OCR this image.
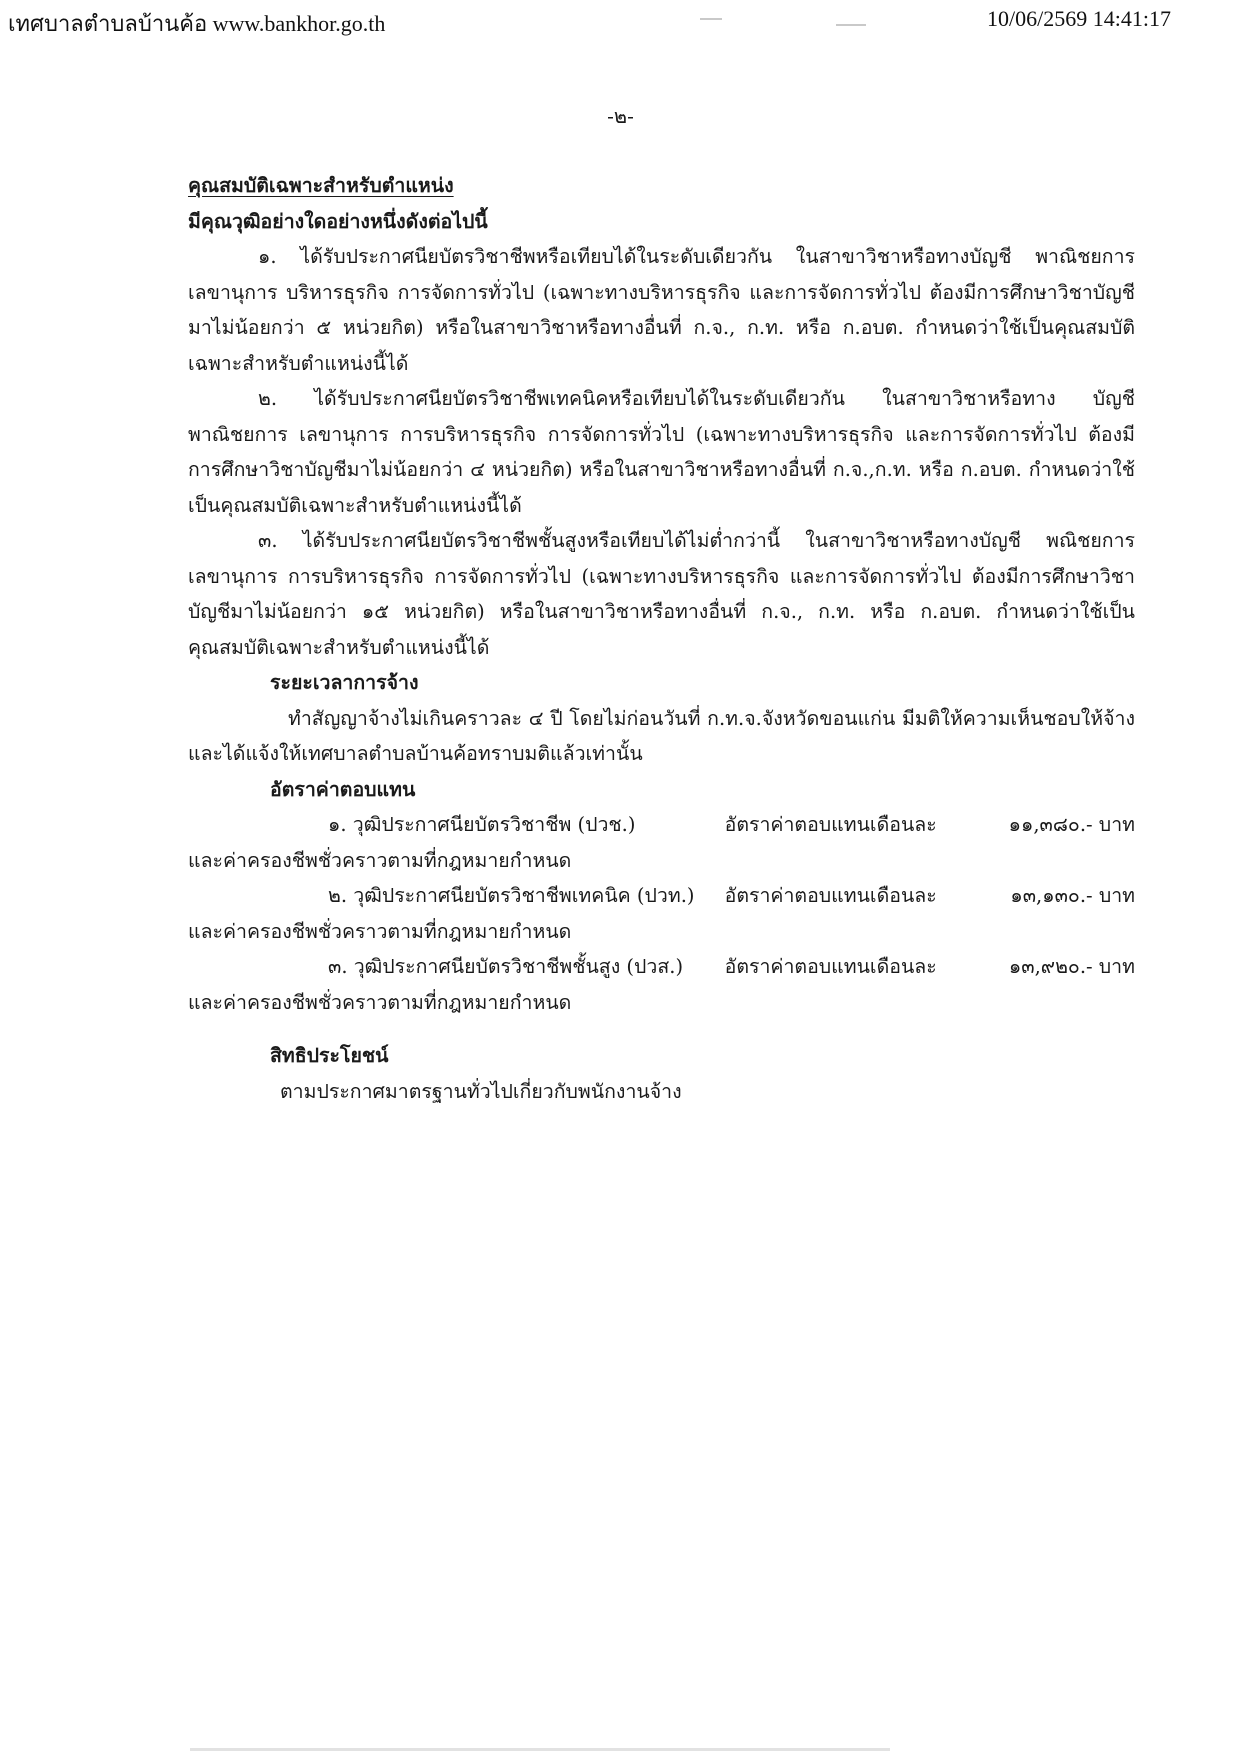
เทศบาลตำบลบ้านค้อ www.bankhor.go.th	10/06/2569 14:41:17
-๒-
คุณสมบัติเฉพาะสำหรับตำแหน่ง
มีคุณวุฒิอย่างใดอย่างหนึ่งดังต่อไปนี้

๑. ได้รับประกาศนียบัตรวิชาชีพหรือเทียบได้ในระดับเดียวกัน ในสาขาวิชาหรือทางบัญชี พาณิชยการ เลขานุการ บริหารธุรกิจ การจัดการทั่วไป (เฉพาะทางบริหารธุรกิจ และการจัดการทั่วไป ต้องมีการศึกษาวิชาบัญชีมาไม่น้อยกว่า ๕ หน่วยกิต) หรือในสาขาวิชาหรือทางอื่นที่ ก.จ., ก.ท. หรือ ก.อบต. กำหนดว่าใช้เป็นคุณสมบัติเฉพาะสำหรับตำแหน่งนี้ได้

๒. ได้รับประกาศนียบัตรวิชาชีพเทคนิคหรือเทียบได้ในระดับเดียวกัน ในสาขาวิชาหรือทาง บัญชี พาณิชยการ เลขานุการ การบริหารธุรกิจ การจัดการทั่วไป (เฉพาะทางบริหารธุรกิจ และการจัดการทั่วไป ต้องมีการศึกษาวิชาบัญชีมาไม่น้อยกว่า ๔ หน่วยกิต) หรือในสาขาวิชาหรือทางอื่นที่ ก.จ.,ก.ท. หรือ ก.อบต. กำหนดว่าใช้เป็นคุณสมบัติเฉพาะสำหรับตำแหน่งนี้ได้

๓. ได้รับประกาศนียบัตรวิชาชีพชั้นสูงหรือเทียบได้ไม่ต่ำกว่านี้ ในสาขาวิชาหรือทางบัญชี พณิชยการ เลขานุการ การบริหารธุรกิจ การจัดการทั่วไป (เฉพาะทางบริหารธุรกิจ และการจัดการทั่วไป ต้องมีการศึกษาวิชาบัญชีมาไม่น้อยกว่า ๑๕ หน่วยกิต) หรือในสาขาวิชาหรือทางอื่นที่ ก.จ., ก.ท. หรือ ก.อบต. กำหนดว่าใช้เป็นคุณสมบัติเฉพาะสำหรับตำแหน่งนี้ได้

ระยะเวลาการจ้าง

ทำสัญญาจ้างไม่เกินคราวละ ๔ ปี โดยไม่ก่อนวันที่ ก.ท.จ.จังหวัดขอนแก่น มีมติให้ความเห็นชอบให้จ้างและได้แจ้งให้เทศบาลตำบลบ้านค้อทราบมติแล้วเท่านั้น

อัตราค่าตอบแทน
๑. วุฒิประกาศนียบัตรวิชาชีพ (ปวช.)	อัตราค่าตอบแทนเดือนละ	๑๑,๓๘๐.- บาท

และค่าครองชีพชั่วคราวตามที่กฎหมายกำหนด

๒. วุฒิประกาศนียบัตรวิชาชีพเทคนิค (ปวท.)	อัตราค่าตอบแทนเดือนละ	๑๓,๑๓๐.- บาท

และค่าครองชีพชั่วคราวตามที่กฎหมายกำหนด

๓. วุฒิประกาศนียบัตรวิชาชีพชั้นสูง (ปวส.)	อัตราค่าตอบแทนเดือนละ	๑๓,๙๒๐.- บาท

และค่าครองชีพชั่วคราวตามที่กฎหมายกำหนด

สิทธิประโยชน์
ตามประกาศมาตรฐานทั่วไปเกี่ยวกับพนักงานจ้าง
